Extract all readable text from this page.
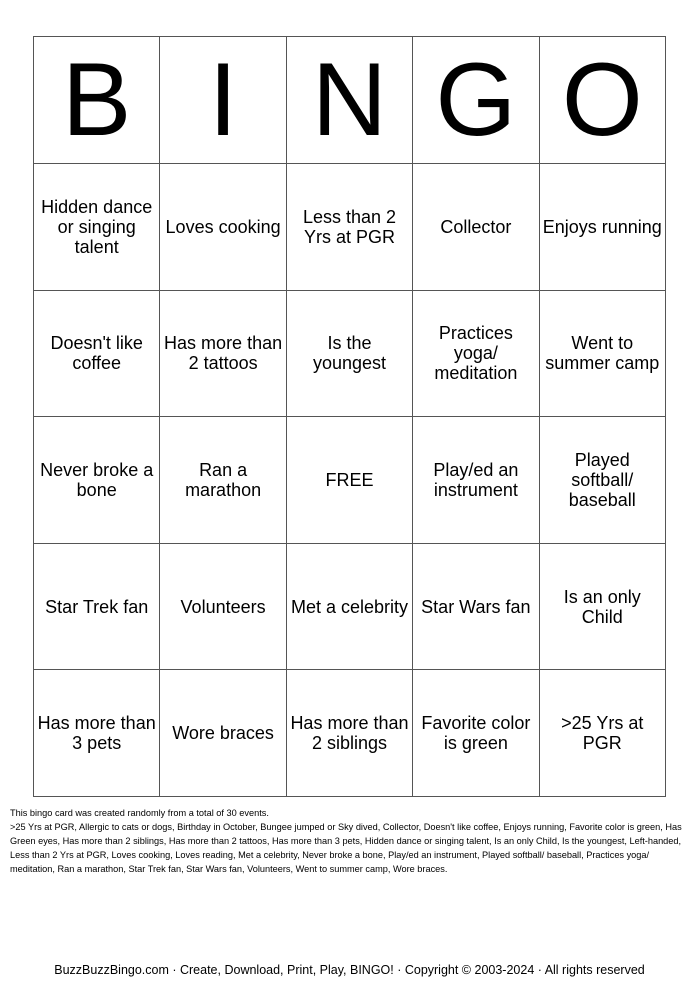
B	I	N	G	O

Hidden dance or singing talent	Loves cooking	Less than 2 Yrs at PGR	Collector	Enjoys running

Doesn't like coffee	Has more than 2 tattoos	Is the youngest	Practices yoga/ meditation	Went to summer camp

Never broke a bone	Ran a marathon	FREE	Play/ed an instrument	Played softball/ baseball

Star Trek fan	Volunteers	Met a celebrity	Star Wars fan	Is an only Child

Has more than 3 pets	Wore braces	Has more than 2 siblings	Favorite color is green	>25 Yrs at PGR

This bingo card was created randomly from a total of 30 events.

>25 Yrs at PGR, Allergic to cats or dogs, Birthday in October, Bungee jumped or Sky dived, Collector, Doesn't like coffee, Enjoys running, Favorite color is green, Has Green eyes, Has more than 2 siblings, Has more than 2 tattoos, Has more than 3 pets, Hidden dance or singing talent, Is an only Child, Is the youngest, Left-handed, Less than 2 Yrs at PGR, Loves cooking, Loves reading, Met a celebrity, Never broke a bone, Play/ed an instrument, Played softball/ baseball, Practices yoga/ meditation, Ran a marathon, Star Trek fan, Star Wars fan, Volunteers, Went to summer camp, Wore braces.

BuzzBuzzBingo.com · Create, Download, Print, Play, BINGO! · Copyright © 2003-2024 · All rights reserved
